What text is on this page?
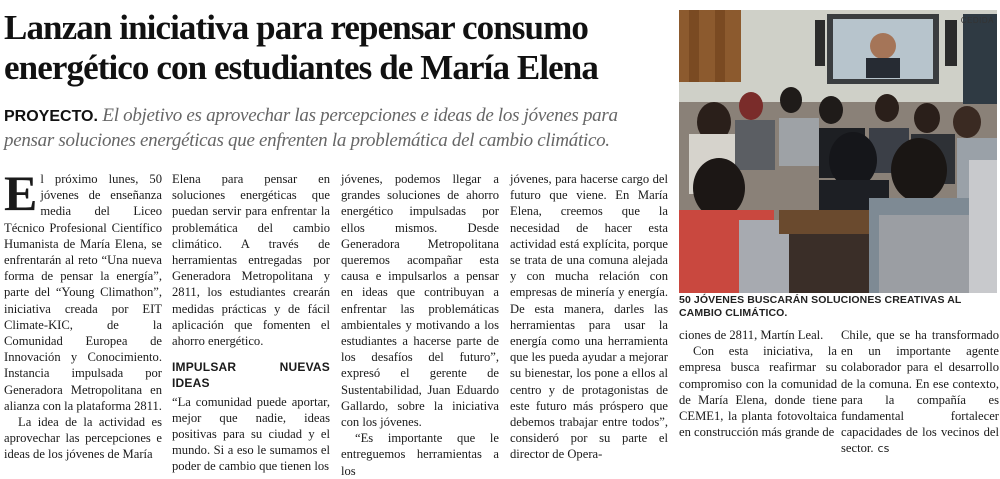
Lanzan iniciativa para repensar consumo energético con estudiantes de María Elena

PROYECTO. El objetivo es aprovechar las percepciones e ideas de los jóvenes para pensar soluciones energéticas que enfrenten la problemática del cambio climático.

El próximo lunes, 50 jóvenes de enseñanza media del Liceo Técnico Profesional Científico Humanista de María Elena, se enfrentarán al reto “Una nueva forma de pensar la energía”, parte del “Young Climathon”, iniciativa creada por EIT Climate-KIC, de la Comunidad Europea de Innovación y Conocimiento. Instancia impulsada por Generadora Metropolitana en alianza con la plataforma 2811.

La idea de la actividad es aprovechar las percepciones e ideas de los jóvenes de María

Elena para pensar en soluciones energéticas que puedan servir para enfrentar la problemática del cambio climático. A través de herramientas entregadas por Generadora Metropolitana y 2811, los estudiantes crearán medidas prácticas y de fácil aplicación que fomenten el ahorro energético.

IMPULSAR NUEVAS IDEAS

“La comunidad puede aportar, mejor que nadie, ideas positivas para su ciudad y el mundo. Si a eso le sumamos el poder de cambio que tienen los

jóvenes, podemos llegar a grandes soluciones de ahorro energético impulsadas por ellos mismos. Desde Generadora Metropolitana queremos acompañar esta causa e impulsarlos a pensar en ideas que contribuyan a enfrentar las problemáticas ambientales y motivando a los estudiantes a hacerse parte de los desafíos del futuro”, expresó el gerente de Sustentabilidad, Juan Eduardo Gallardo, sobre la iniciativa con los jóvenes.

“Es importante que le entreguemos herramientas a los

jóvenes, para hacerse cargo del futuro que viene. En María Elena, creemos que la necesidad de hacer esta actividad está explícita, porque se trata de una comuna alejada y con mucha relación con empresas de minería y energía. De esta manera, darles las herramientas para usar la energía como una herramienta que les pueda ayudar a mejorar su bienestar, los pone a ellos al centro y de protagonistas de este futuro más próspero que debemos trabajar entre todos”, consideró por su parte el director de Opera-

ciones de 2811, Martín Leal.

Con esta iniciativa, la empresa busca reafirmar su compromiso con la comunidad de María Elena, donde tiene CEME1, la planta fotovoltaica en construcción más grande de

Chile, que se ha transformado en un importante agente colaborador para el desarrollo de la comuna. En ese contexto, para la compañía es fundamental fortalecer capacidades de los vecinos del sector. cs

CEDIDA

50 JÓVENES BUSCARÁN SOLUCIONES CREATIVAS AL CAMBIO CLIMÁTICO.
